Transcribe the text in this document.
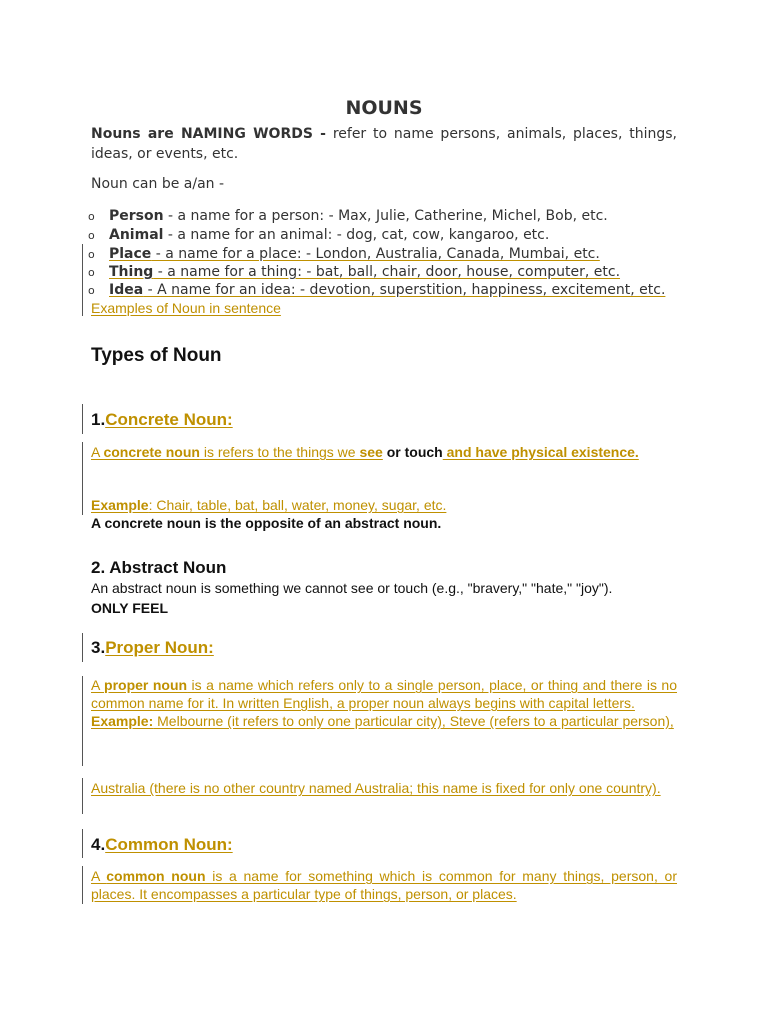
NOUNS
Nouns are NAMING WORDS - refer to name persons, animals, places, things, ideas, or events, etc.
Noun can be a/an -
o Person - a name for a person: - Max, Julie, Catherine, Michel, Bob, etc.
o Animal - a name for an animal: - dog, cat, cow, kangaroo, etc.
o Place - a name for a place: - London, Australia, Canada, Mumbai, etc.
o Thing - a name for a thing: - bat, ball, chair, door, house, computer, etc.
o Idea - A name for an idea: - devotion, superstition, happiness, excitement, etc.
Examples of Noun in sentence
Types of Noun
1.Concrete Noun:
A concrete noun is refers to the things we see or touch and have physical existence.
Example: Chair, table, bat, ball, water, money, sugar, etc.
A concrete noun is the opposite of an abstract noun.
2. Abstract Noun
An abstract noun is something we cannot see or touch (e.g., "bravery," "hate," "joy").
ONLY FEEL
3.Proper Noun:
A proper noun is a name which refers only to a single person, place, or thing and there is no common name for it. In written English, a proper noun always begins with capital letters.
Example: Melbourne (it refers to only one particular city), Steve (refers to a particular person),
Australia (there is no other country named Australia; this name is fixed for only one country).
4.Common Noun:
A common noun is a name for something which is common for many things, person, or places. It encompasses a particular type of things, person, or places.
